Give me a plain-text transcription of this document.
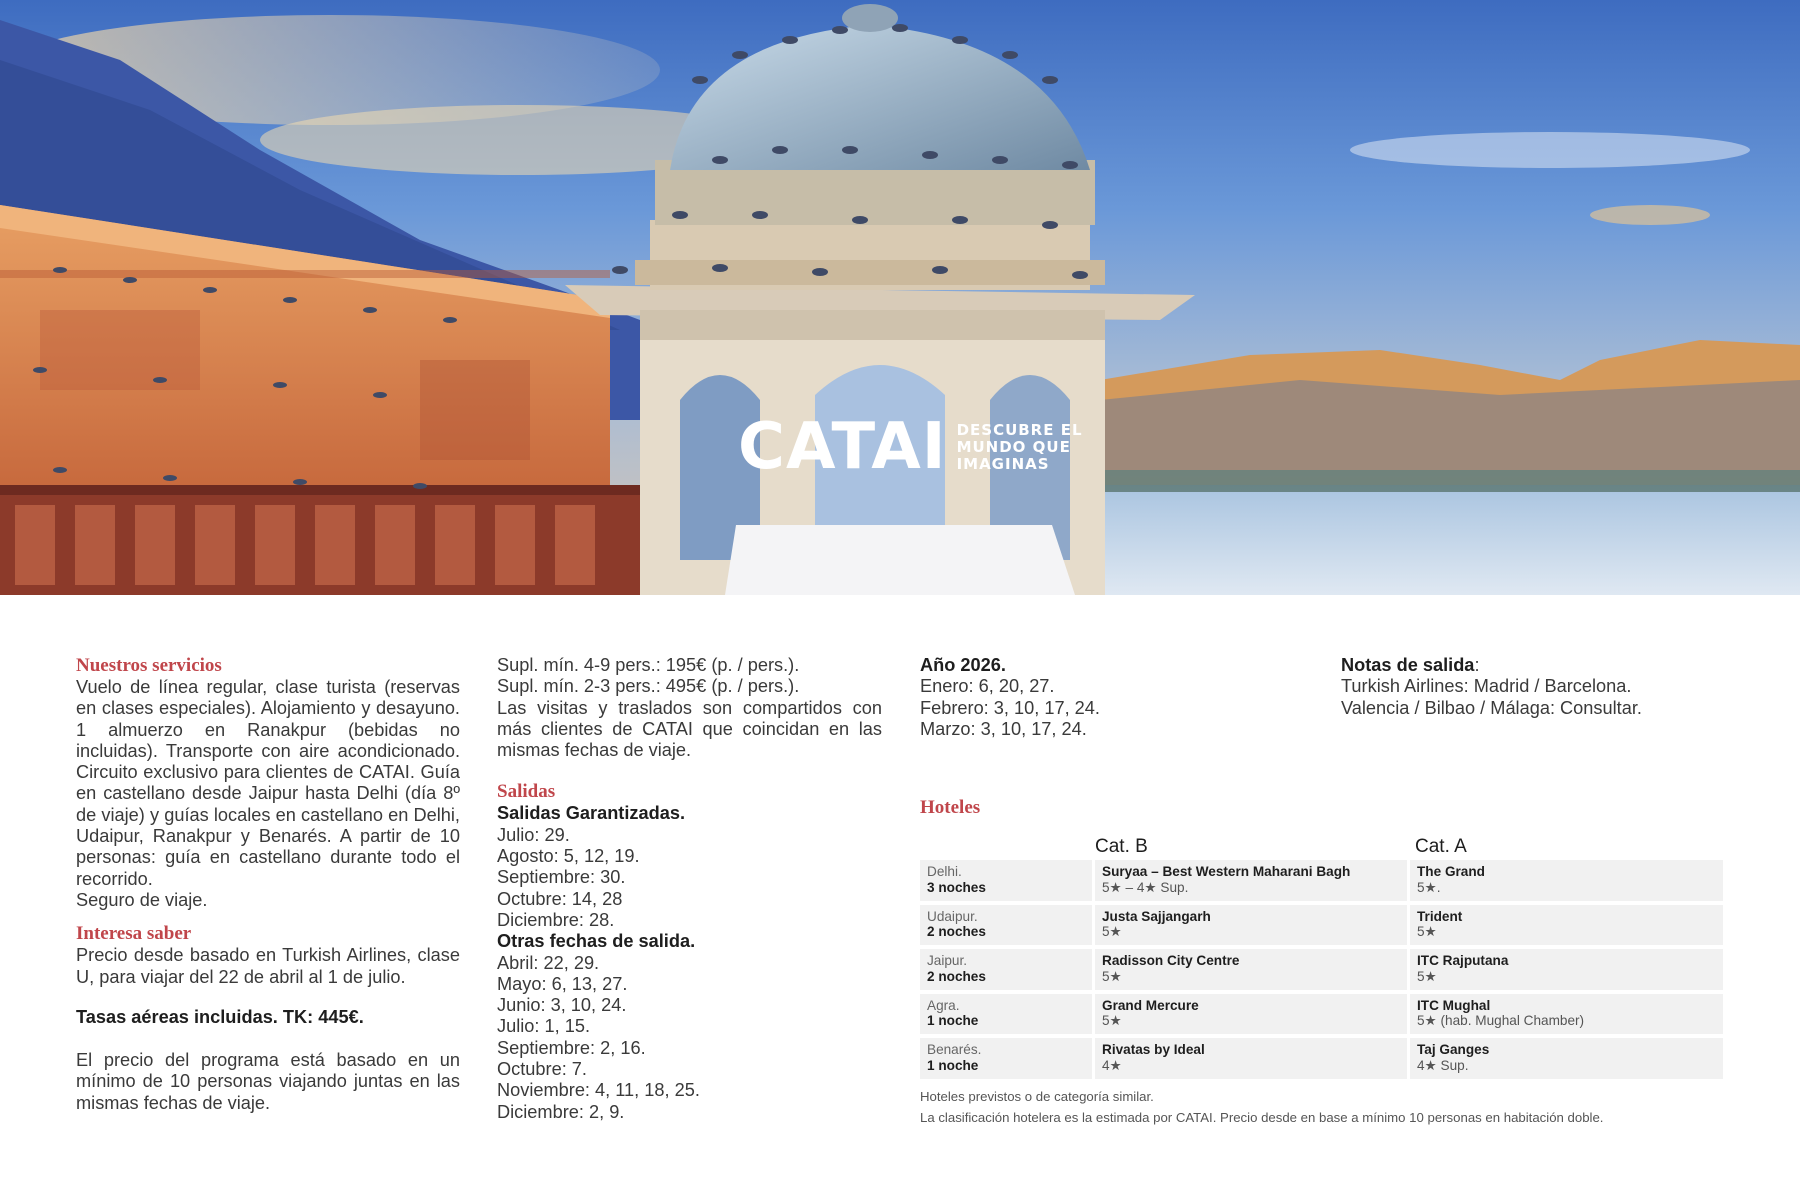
CATAI DESCUBRE EL
MUNDO QUE
IMAGINAS

Nuestros servicios

Vuelo de línea regular, clase turista (reservas en clases especiales). Alojamiento y desayuno. 1 almuerzo en Ranakpur (bebidas no incluidas). Transporte con aire acondicionado. Circuito exclusivo para clientes de CATAI. Guía en castellano desde Jaipur hasta Delhi (día 8º de viaje) y guías locales en castellano en Delhi, Udaipur, Ranakpur y Benarés. A partir de 10 personas: guía en castellano durante todo el recorrido.

Seguro de viaje.

Interesa saber

Precio desde basado en Turkish Airlines, clase U, para viajar del 22 de abril al 1 de julio.

Tasas aéreas incluidas. TK: 445€.

El precio del programa está basado en un mínimo de 10 personas viajando juntas en las mismas fechas de viaje.

Supl. mín. 4-9 pers.: 195€ (p. / pers.).

Supl. mín. 2-3 pers.: 495€ (p. / pers.).

Las visitas y traslados son compartidos con más clientes de CATAI que coincidan en las mismas fechas de viaje.

Salidas

Salidas Garantizadas.

Julio: 29.

Agosto: 5, 12, 19.

Septiembre: 30.

Octubre: 14, 28

Diciembre: 28.

Otras fechas de salida.

Abril: 22, 29.

Mayo: 6, 13, 27.

Junio: 3, 10, 24.

Julio: 1, 15.

Septiembre: 2, 16.

Octubre: 7.

Noviembre: 4, 11, 18, 25.

Diciembre: 2, 9.

Año 2026.

Enero: 6, 20, 27.

Febrero: 3, 10, 17, 24.

Marzo: 3, 10, 17, 24.

Notas de salida:

Turkish Airlines: Madrid / Barcelona.

Valencia / Bilbao / Málaga: Consultar.

Hoteles

Cat. B	Cat. A
Delhi.
3 noches
Suryaa – Best Western Maharani Bagh
5★ – 4★ Sup.
The Grand
5★.
Udaipur.
2 noches
Justa Sajjangarh
5★
Trident
5★
Jaipur.
2 noches
Radisson City Centre
5★
ITC Rajputana
5★
Agra.
1 noche
Grand Mercure
5★
ITC Mughal
5★ (hab. Mughal Chamber)
Benarés.
1 noche
Rivatas by Ideal
4★
Taj Ganges
4★ Sup.

Hoteles previstos o de categoría similar.

La clasificación hotelera es la estimada por CATAI. Precio desde en base a mínimo 10 personas en habitación doble.
